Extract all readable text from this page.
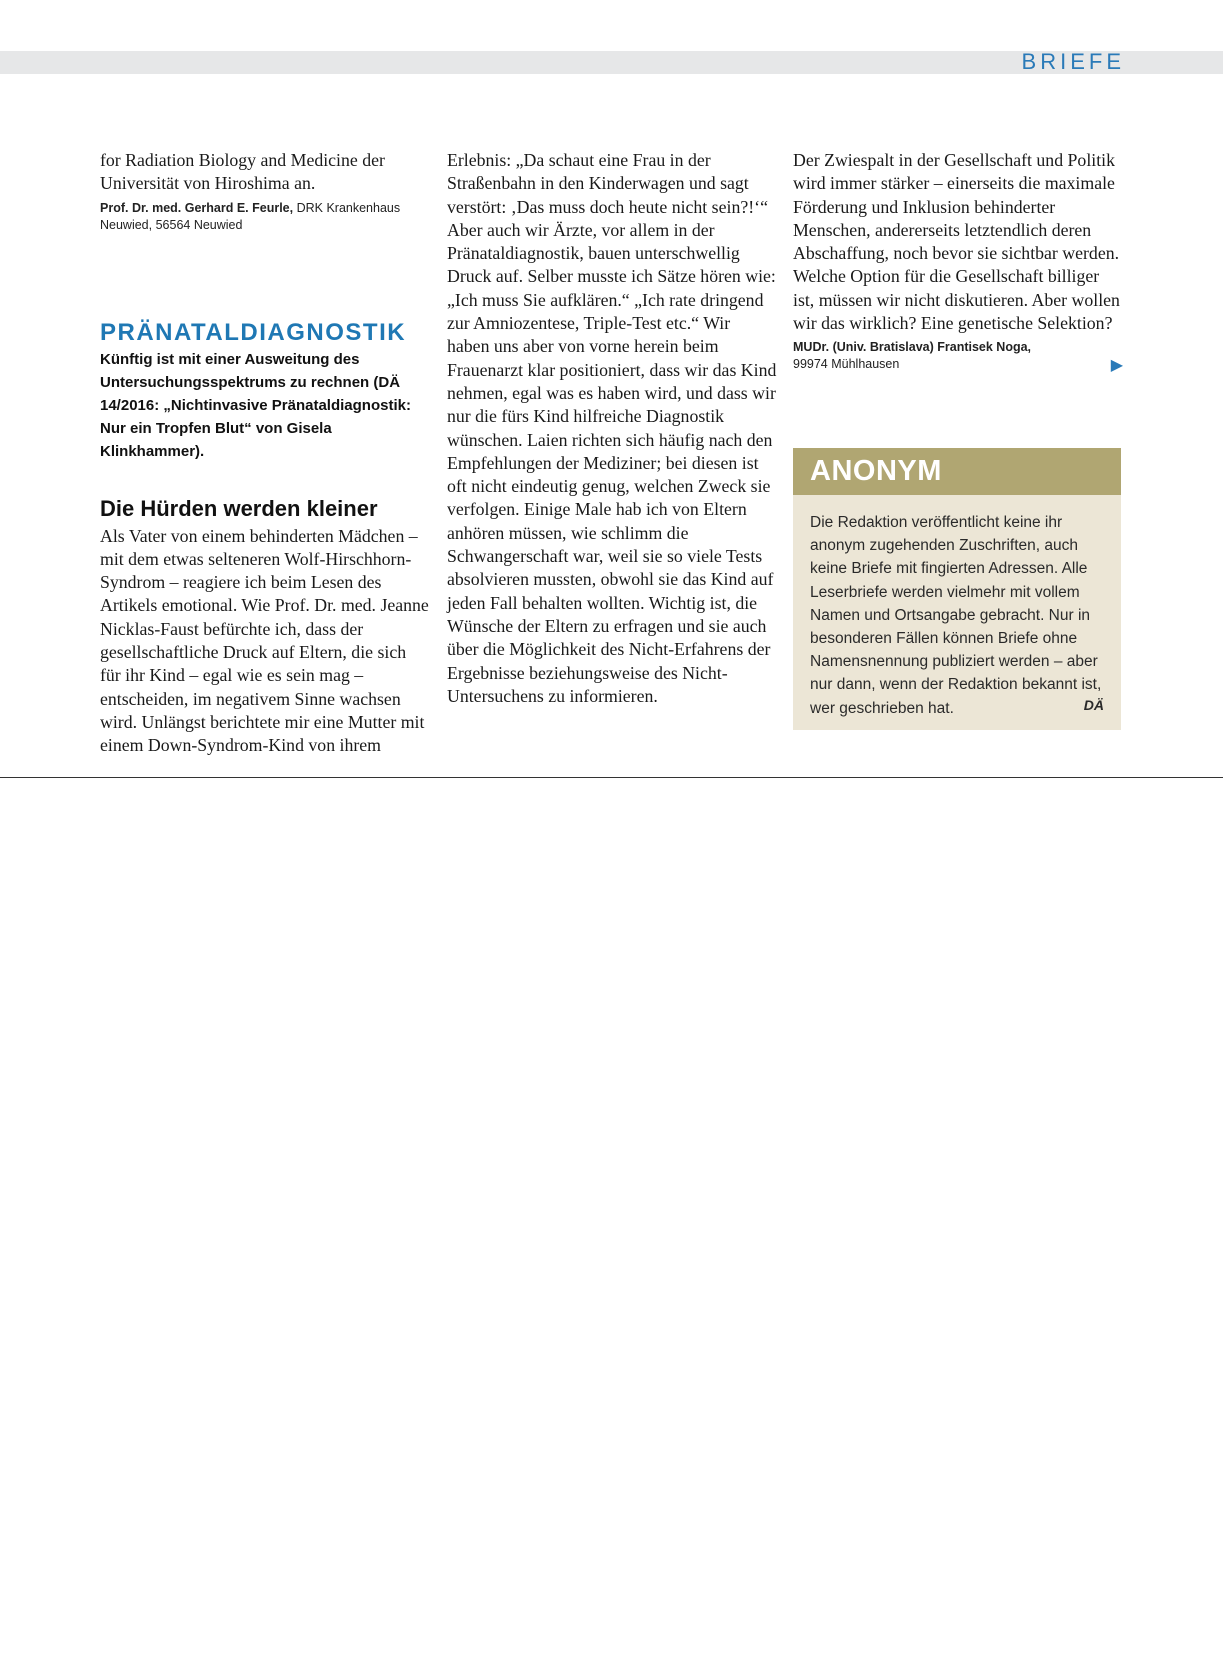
BRIEFE

for Radiation Biology and Medicine der Universität von Hiroshima an.

Prof. Dr. med. Gerhard E. Feurle, DRK Krankenhaus Neuwied, 56564 Neuwied
PRÄNATALDIAGNOSTIK

Künftig ist mit einer Ausweitung des Untersuchungsspektrums zu rechnen (DÄ 14/2016: „Nichtinvasive Pränataldiagnostik: Nur ein Tropfen Blut“ von Gisela Klinkhammer).

Die Hürden werden kleiner

Als Vater von einem behinderten Mädchen – mit dem etwas selteneren Wolf-Hirschhorn-Syndrom – reagiere ich beim Lesen des Artikels emotional. Wie Prof. Dr. med. Jeanne Nicklas-Faust befürchte ich, dass der gesellschaftliche Druck auf Eltern, die sich für ihr Kind – egal wie es sein mag – entscheiden, im negativem Sinne wachsen wird. Unlängst berichtete mir eine Mutter mit einem Down-Syndrom-Kind von ihrem

Erlebnis: „Da schaut eine Frau in der Straßenbahn in den Kinderwagen und sagt verstört: ‚Das muss doch heute nicht sein?!‘“ Aber auch wir Ärzte, vor allem in der Pränataldiagnostik, bauen unterschwellig Druck auf. Selber musste ich Sätze hören wie: „Ich muss Sie aufklären.“ „Ich rate dringend zur Amniozentese, Triple-Test etc.“ Wir haben uns aber von vorne herein beim Frauenarzt klar positioniert, dass wir das Kind nehmen, egal was es haben wird, und dass wir nur die fürs Kind hilfreiche Diagnostik wünschen. Laien richten sich häufig nach den Empfehlungen der Mediziner; bei diesen ist oft nicht eindeutig genug, welchen Zweck sie verfolgen. Einige Male hab ich von Eltern anhören müssen, wie schlimm die Schwangerschaft war, weil sie so viele Tests absolvieren mussten, obwohl sie das Kind auf jeden Fall behalten wollten. Wichtig ist, die Wünsche der Eltern zu erfragen und sie auch über die Möglichkeit des Nicht-Erfahrens der Ergebnisse beziehungsweise des Nicht-Untersuchens zu informieren.

Der Zwiespalt in der Gesellschaft und Politik wird immer stärker – einerseits die maximale Förderung und Inklusion behinderter Menschen, andererseits letztendlich deren Abschaffung, noch bevor sie sichtbar werden. Welche Option für die Gesellschaft billiger ist, müssen wir nicht diskutieren. Aber wollen wir das wirklich? Eine genetische Selektion?

MUDr. (Univ. Bratislava) Frantisek Noga,
99974 Mühlhausen	▶
ANONYM

Die Redaktion veröffentlicht keine ihr anonym zugehenden Zuschriften, auch keine Briefe mit fingierten Adressen. Alle Leserbriefe werden vielmehr mit vollem Namen und Ortsangabe gebracht. Nur in besonderen Fällen können Briefe ohne Namensnennung publiziert werden – aber nur dann, wenn der Redaktion bekannt ist, wer geschrieben hat.	DÄ
